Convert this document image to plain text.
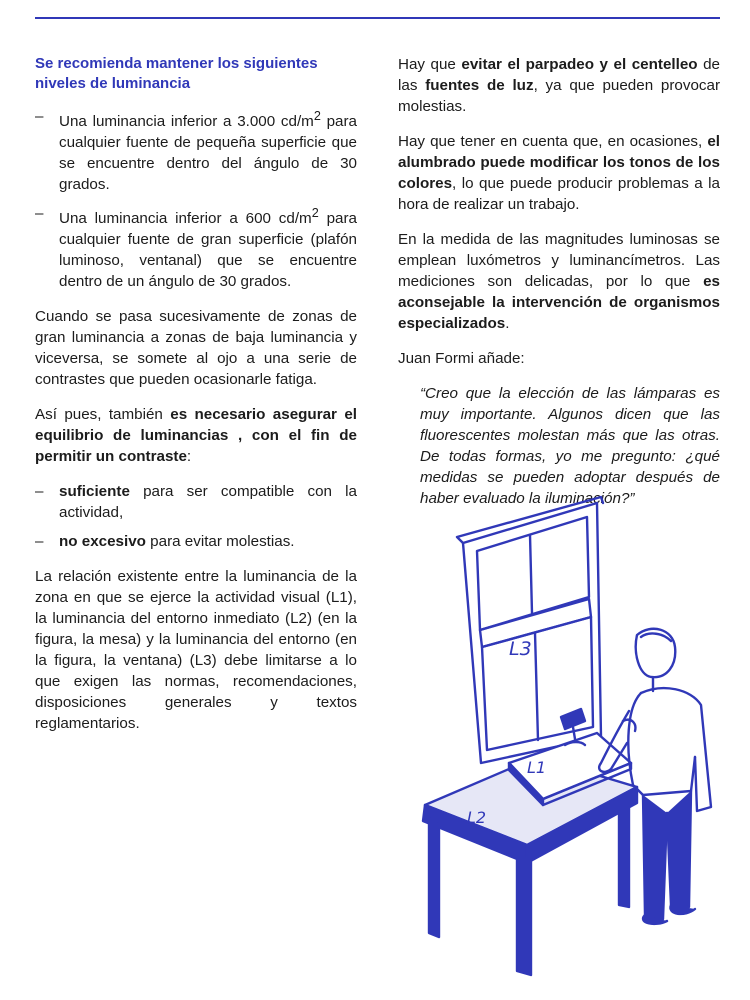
Se recomienda mantener los siguientes niveles de luminancia

– Una luminancia inferior a 3.000 $cd/m^2$ para cualquier fuente de pequeña superficie que se encuentre dentro del ángulo de 30 grados.
– Una luminancia inferior a 600 $cd/m^2$ para cualquier fuente de gran superficie (plafón luminoso, ventanal) que se encuentre dentro de un ángulo de 30 grados.

Cuando se pasa sucesivamente de zonas de gran luminancia a zonas de baja luminancia y viceversa, se somete al ojo a una serie de contrastes que pueden ocasionarle fatiga.

Así pues, también es necesario asegurar el equilibrio de luminancias , con el fin de permitir un contraste:

– suficiente para ser compatible con la actividad,
– no excesivo para evitar molestias.

La relación existente entre la luminancia de la zona en que se ejerce la actividad visual (L1), la luminancia del entorno inmediato (L2) (en la figura, la mesa) y la luminancia del entorno (en la figura, la ventana) (L3) debe limitarse a lo que exigen las normas, recomendaciones, disposiciones generales y textos reglamentarios.

Hay que evitar el parpadeo y el centelleo de las fuentes de luz, ya que pueden provocar molestias.

Hay que tener en cuenta que, en ocasiones, el alumbrado puede modificar los tonos de los colores, lo que puede producir problemas a la hora de realizar un trabajo.

En la medida de las magnitudes luminosas se emplean luxómetros y luminancímetros. Las mediciones son delicadas, por lo que es aconsejable la intervención de organismos especializados.

Juan Formi añade:

“Creo que la elección de las lámparas es muy importante. Algunos dicen que las fluorescentes molestan más que las otras. De todas formas, yo me pregunto: ¿qué medidas se pueden adoptar después de haber evaluado la iluminación?”

L3
L1
L2
